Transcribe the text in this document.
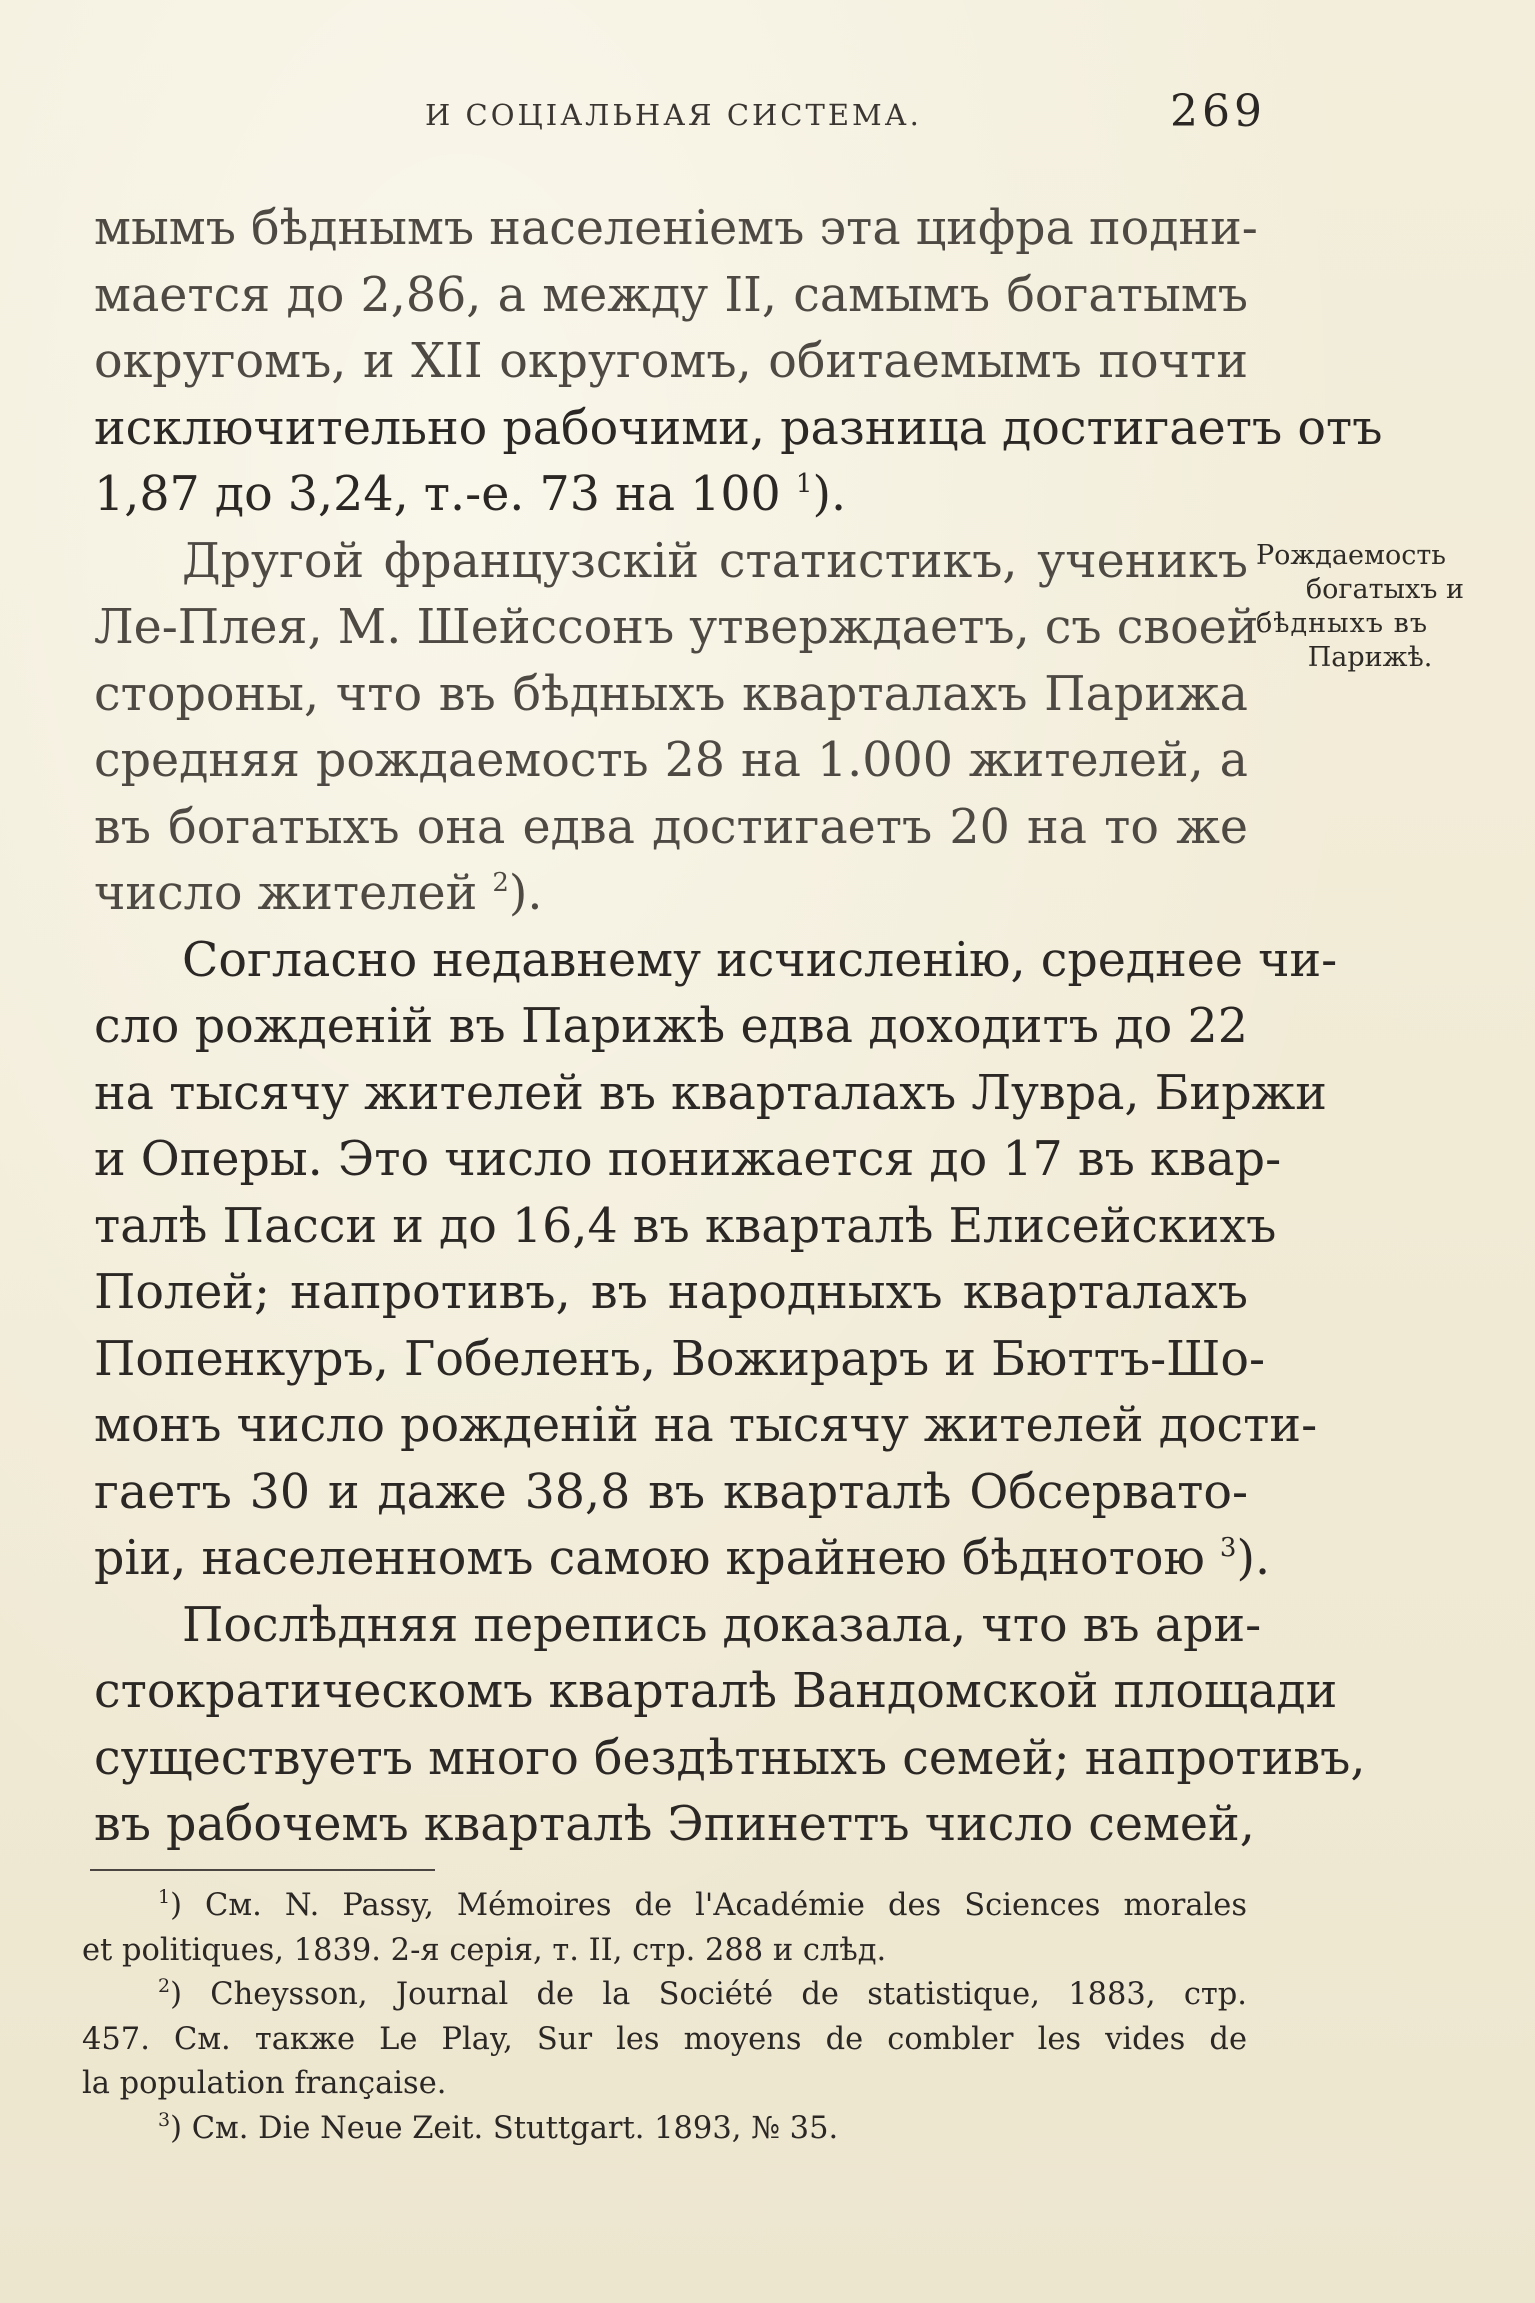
И СОЦІАЛЬНАЯ СИСТЕМА.	269
мымъ бѣднымъ населеніемъ эта цифра подни-
мается до 2,86, а между II, самымъ богатымъ
округомъ, и XII округомъ, обитаемымъ почти
исключительно рабочими, разница достигаетъ отъ
1,87 до 3,24, т.-е. 73 на 100 $^1$).
Другой французскій статистикъ, ученикъ
Ле-Плея, М. Шейссонъ утверждаетъ, съ своей
стороны, что въ бѣдныхъ кварталахъ Парижа
средняя рождаемость 28 на 1.000 жителей, а
въ богатыхъ она едва достигаетъ 20 на то же
число жителей $^2$).
Согласно недавнему исчисленію, среднее чи-
сло рожденій въ Парижѣ едва доходитъ до 22
на тысячу жителей въ кварталахъ Лувра, Биржи
и Оперы. Это число понижается до 17 въ квар-
талѣ Пасси и до 16,4 въ кварталѣ Елисейскихъ
Полей; напротивъ, въ народныхъ кварталахъ
Попенкуръ, Гобеленъ, Вожираръ и Бюттъ-Шо-
монъ число рожденій на тысячу жителей дости-
гаетъ 30 и даже 38,8 въ кварталѣ Обсервато-
ріи, населенномъ самою крайнею бѣднотою $^3$).
Послѣдняя перепись доказала, что въ ари-
стократическомъ кварталѣ Вандомской площади
существуетъ много бездѣтныхъ семей; напротивъ,
въ рабочемъ кварталѣ Эпинеттъ число семей,
Рождаемость
богатыхъ и
бѣдныхъ въ
Парижѣ.
$^1$) См. N. Passy, Mémoires de l'Académie des Sciences morales
et politiques, 1839. 2-я серія, т. II, стр. 288 и слѣд.
$^2$) Cheysson, Journal de la Société de statistique, 1883, стр.
457. См. также Le Play, Sur les moyens de combler les vides de
la population française.
$^3$) См. Die Neue Zeit. Stuttgart. 1893, № 35.
